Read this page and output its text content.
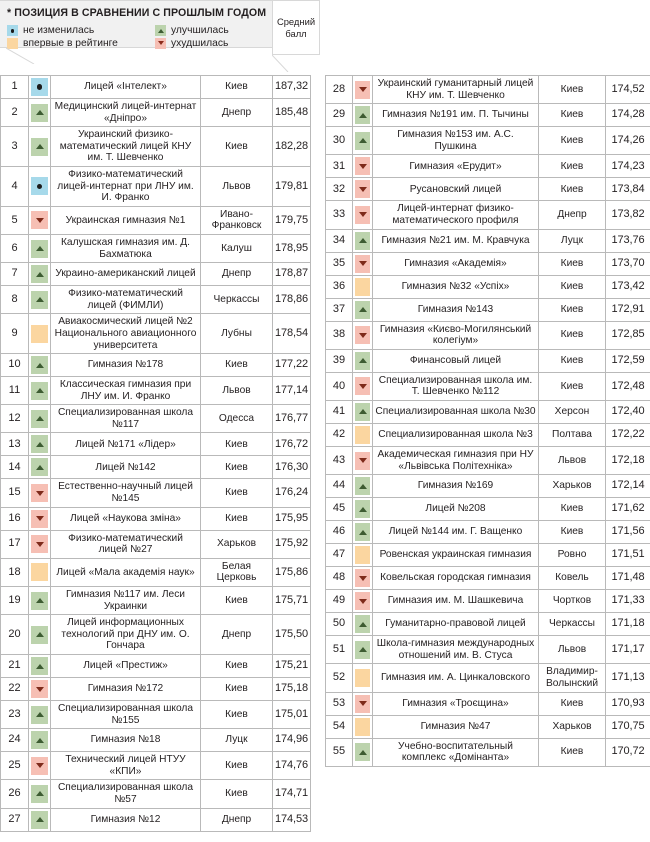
* ПОЗИЦИЯ В СРАВНЕНИИ С ПРОШЛЫМ ГОДОМ
не изменилась	улучшилась
впервые в рейтинге	ухудшилась
Средний
балл
1		Лицей «Інтелект»	Киев	187,32
2		Медицинский лицей-интернат «Дніпро»	Днепр	185,48
3		Украинский физико-математический лицей КНУ им. Т. Шевченко	Киев	182,28
4		Физико-математический лицей-интернат при ЛНУ им. И. Франко	Львов	179,81
5		Украинская гимназия №1	Ивано-Франковск	179,75
6		Калушская гимназия им. Д. Бахматюка	Калуш	178,95
7		Украино-американский лицей	Днепр	178,87
8		Физико-математический лицей (ФИМЛИ)	Черкассы	178,86
9		Авиакосмический лицей №2 Национального авиационного университета	Лубны	178,54
10		Гимназия №178	Киев	177,22
11		Классическая гимназия при ЛНУ им. И. Франко	Львов	177,14
12		Специализированная школа №117	Одесса	176,77
13		Лицей №171 «Лідер»	Киев	176,72
14		Лицей №142	Киев	176,30
15		Естественно-научный лицей №145	Киев	176,24
16		Лицей «Наукова зміна»	Киев	175,95
17		Физико-математический лицей №27	Харьков	175,92
18		Лицей «Мала академія наук»	Белая Церковь	175,86
19		Гимназия №117 им. Леси Украинки	Киев	175,71
20		Лицей информационных технологий при ДНУ им. О. Гончара	Днепр	175,50
21		Лицей «Престиж»	Киев	175,21
22		Гимназия №172	Киев	175,18
23		Специализированная школа №155	Киев	175,01
24		Гимназия №18	Луцк	174,96
25		Технический лицей НТУУ «КПИ»	Киев	174,76
26		Специализированная школа №57	Киев	174,71
27		Гимназия №12	Днепр	174,53
28		Украинский гуманитарный лицей КНУ им. Т. Шевченко	Киев	174,52
29		Гимназия №191 им. П. Тычины	Киев	174,28
30		Гимназия №153 им. А.С. Пушкина	Киев	174,26
31		Гимназия «Ерудит»	Киев	174,23
32		Русановский лицей	Киев	173,84
33		Лицей-интернат физико-математического профиля	Днепр	173,82
34		Гимназия №21 им. М. Кравчука	Луцк	173,76
35		Гимназия «Академія»	Киев	173,70
36		Гимназия №32 «Успіх»	Киев	173,42
37		Гимназия №143	Киев	172,91
38		Гимназия «Києво-Могилянський колегіум»	Киев	172,85
39		Финансовый лицей	Киев	172,59
40		Специализированная школа им. Т. Шевченко №112	Киев	172,48
41		Специализированная школа №30	Херсон	172,40
42		Специализированная школа №3	Полтава	172,22
43		Академическая гимназия при НУ «Львівська Політехніка»	Львов	172,18
44		Гимназия №169	Харьков	172,14
45		Лицей №208	Киев	171,62
46		Лицей №144 им. Г. Ващенко	Киев	171,56
47		Ровенская украинская гимназия	Ровно	171,51
48		Ковельская городская гимназия	Ковель	171,48
49		Гимназия им. М. Шашкевича	Чортков	171,33
50		Гуманитарно-правовой лицей	Черкассы	171,18
51		Школа-гимназия международных отношений им. В. Стуса	Львов	171,17
52		Гимназия им. А. Цинкаловского	Владимир-Волынский	171,13
53		Гимназия «Троєщина»	Киев	170,93
54		Гимназия №47	Харьков	170,75
55		Учебно-воспитательный комплекс «Домінанта»	Киев	170,72
